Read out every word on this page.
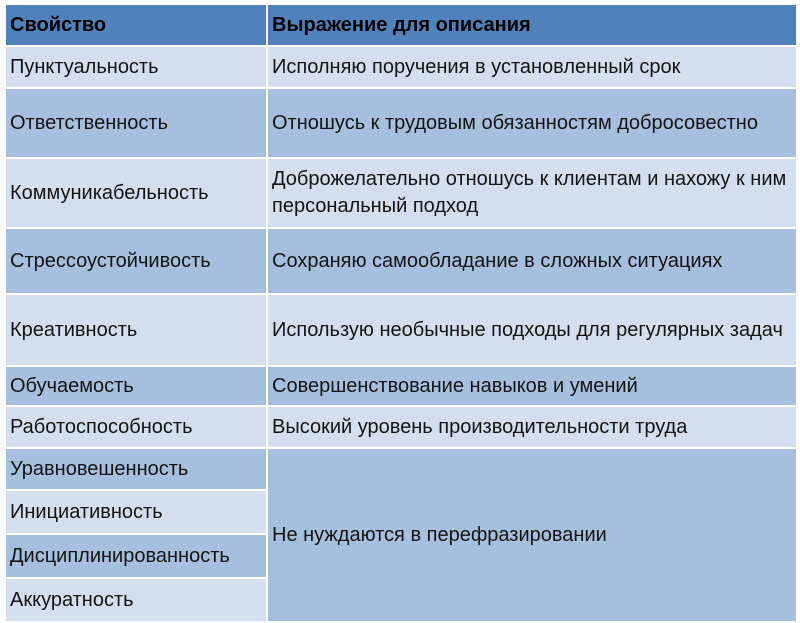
Свойство	Выражение для описания
Пунктуальность	Исполняю поручения в установленный срок
Ответственность	Отношусь к трудовым обязанностям добросовестно
Коммуникабельность	Доброжелательно отношусь к клиентам и нахожу к ним персональный подход
Стрессоустойчивость	Сохраняю самообладание в сложных ситуациях
Креативность	Использую необычные подходы для регулярных задач
Обучаемость	Совершенствование навыков и умений
Работоспособность	Высокий уровень производительности труда
Уравновешенность	Не нуждаются в перефразировании
Инициативность	
Дисциплинированность	
Аккуратность	
